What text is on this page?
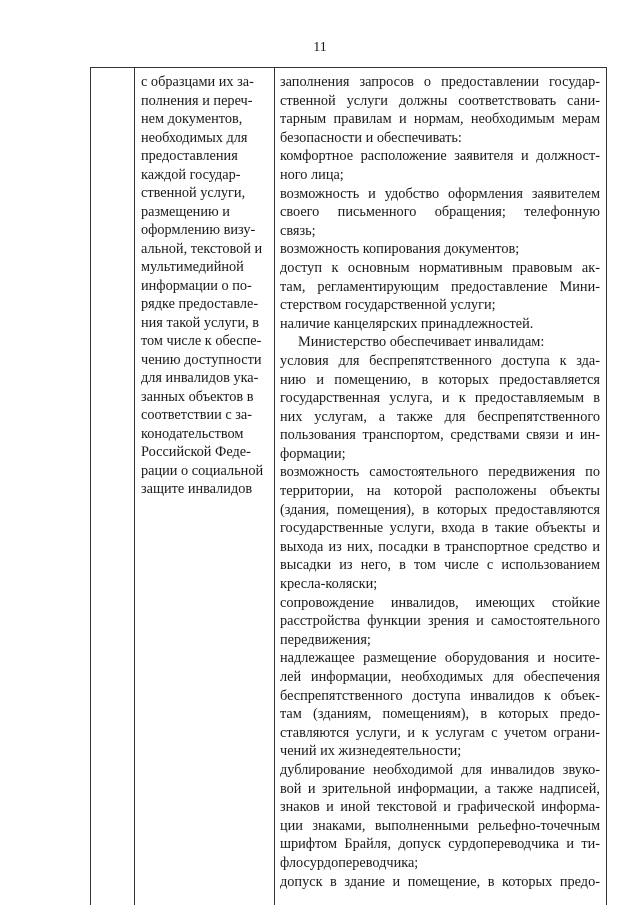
11
с образцами их за-
полнения и переч-
нем документов,
необходимых для
предоставления
каждой государ-
ственной услуги,
размещению и
оформлению визу-
альной, текстовой и
мультимедийной
информации о по-
рядке предоставле-
ния такой услуги, в
том числе к обеспе-
чению доступности
для инвалидов ука-
занных объектов в
соответствии с за-
конодательством
Российской Федe-
рации о социальной
защите инвалидов
заполнения запросов о предоставлении государ-
ственной услуги должны соответствовать сани-
тарным правилам и нормам, необходимым мерам
безопасности и обеспечивать:
комфортное расположение заявителя и должност-
ного лица;
возможность и удобство оформления заявителем
своего письменного обращения; телефонную
связь;
возможность копирования документов;
доступ к основным нормативным правовым ак-
там, регламентирующим предоставление Мини-
стерством государственной услуги;
наличие канцелярских принадлежностей.
Министерство обеспечивает инвалидам:
условия для беспрепятственного доступа к зда-
нию и помещению, в которых предоставляется
государственная услуга, и к предоставляемым в
них услугам, а также для беспрепятственного
пользования транспортом, средствами связи и ин-
формации;
возможность самостоятельного передвижения по
территории, на которой расположены объекты
(здания, помещения), в которых предоставляются
государственные услуги, входа в такие объекты и
выхода из них, посадки в транспортное средство и
высадки из него, в том числе с использованием
кресла-коляски;
сопровождение инвалидов, имеющих стойкие
расстройства функции зрения и самостоятельного
передвижения;
надлежащее размещение оборудования и носите-
лей информации, необходимых для обеспечения
беспрепятственного доступа инвалидов к объек-
там (зданиям, помещениям), в которых предо-
ставляются услуги, и к услугам с учетом ограни-
чений их жизнедеятельности;
дублирование необходимой для инвалидов звуко-
вой и зрительной информации, а также надписей,
знаков и иной текстовой и графической информа-
ции знаками, выполненными рельефно-точечным
шрифтом Брайля, допуск сурдопереводчика и ти-
флосурдопереводчика;
допуск в здание и помещение, в которых предо-
